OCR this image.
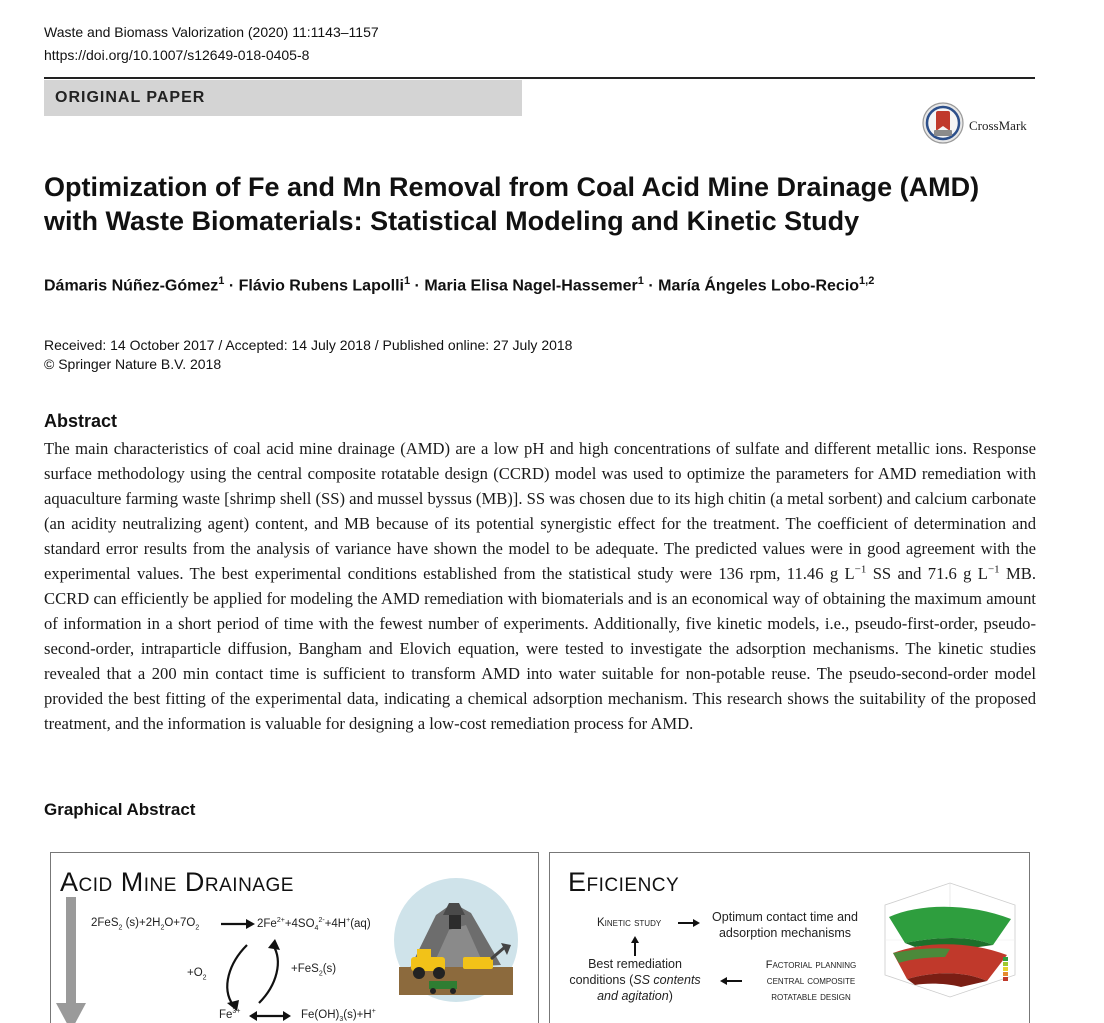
Waste and Biomass Valorization (2020) 11:1143–1157
https://doi.org/10.1007/s12649-018-0405-8
ORIGINAL PAPER
CrossMark
Optimization of Fe and Mn Removal from Coal Acid Mine Drainage (AMD) with Waste Biomaterials: Statistical Modeling and Kinetic Study
Dámaris Núñez-Gómez$^1$ · Flávio Rubens Lapolli$^1$ · Maria Elisa Nagel-Hassemer$^1$ · María Ángeles Lobo-Recio$^{1,2}$
Received: 14 October 2017 / Accepted: 14 July 2018 / Published online: 27 July 2018
© Springer Nature B.V. 2018
Abstract
The main characteristics of coal acid mine drainage (AMD) are a low pH and high concentrations of sulfate and different metallic ions. Response surface methodology using the central composite rotatable design (CCRD) model was used to optimize the parameters for AMD remediation with aquaculture farming waste [shrimp shell (SS) and mussel byssus (MB)]. SS was chosen due to its high chitin (a metal sorbent) and calcium carbonate (an acidity neutralizing agent) content, and MB because of its potential synergistic effect for the treatment. The coefficient of determination and standard error results from the analysis of variance have shown the model to be adequate. The predicted values were in good agreement with the experimental values. The best experimental conditions established from the statistical study were 136 rpm, 11.46 g $L^{-1}$ SS and 71.6 g $L^{-1}$ MB. CCRD can efficiently be applied for modeling the AMD remediation with biomaterials and is an economical way of obtaining the maximum amount of information in a short period of time with the fewest number of experiments. Additionally, five kinetic models, i.e., pseudo-first-order, pseudo-second-order, intraparticle diffusion, Bangham and Elovich equation, were tested to investigate the adsorption mechanisms. The kinetic studies revealed that a 200 min contact time is sufficient to transform AMD into water suitable for non-potable reuse. The pseudo-second-order model provided the best fitting of the experimental data, indicating a chemical adsorption mechanism. This research shows the suitability of the proposed treatment, and the information is valuable for designing a low-cost remediation process for AMD.
Graphical Abstract
Acid Mine Drainage
2FeS$_2$ $(s)+2H_2O+7O_2$	$2Fe^{2+}+4SO_4^{2-}+4H^+(aq)$
$+O_2$
+FeS$_2$(s)
$Fe^{3+}$	$Fe(OH)_3(s)+H^+$
Eficiency
Kinetic study	Optimum contact time and
adsorption mechanisms
Best remediation
conditions (SS contents
and agitation)
Factorial planning
central composite
rotatable design
